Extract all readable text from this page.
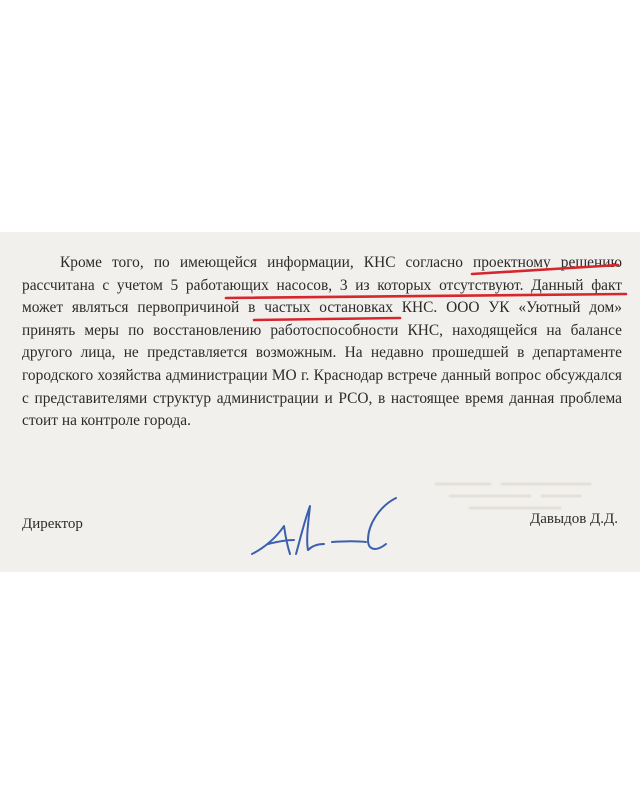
Кроме того, по имеющейся информации, КНС согласно проектному решению рассчитана с учетом 5 работающих насосов, 3 из которых отсутствуют. Данный факт может являться первопричиной в частых остановках КНС. ООО УК «Уютный дом» принять меры по восстановлению работоспособности КНС, находящейся на балансе другого лица, не представляется возможным. На недавно прошедшей в департаменте городского хозяйства администрации МО г. Краснодар встрече данный вопрос обсуждался с представителями структур администрации и РСО, в настоящее время данная проблема стоит на контроле города.

Директор	Давыдов Д.Д.
